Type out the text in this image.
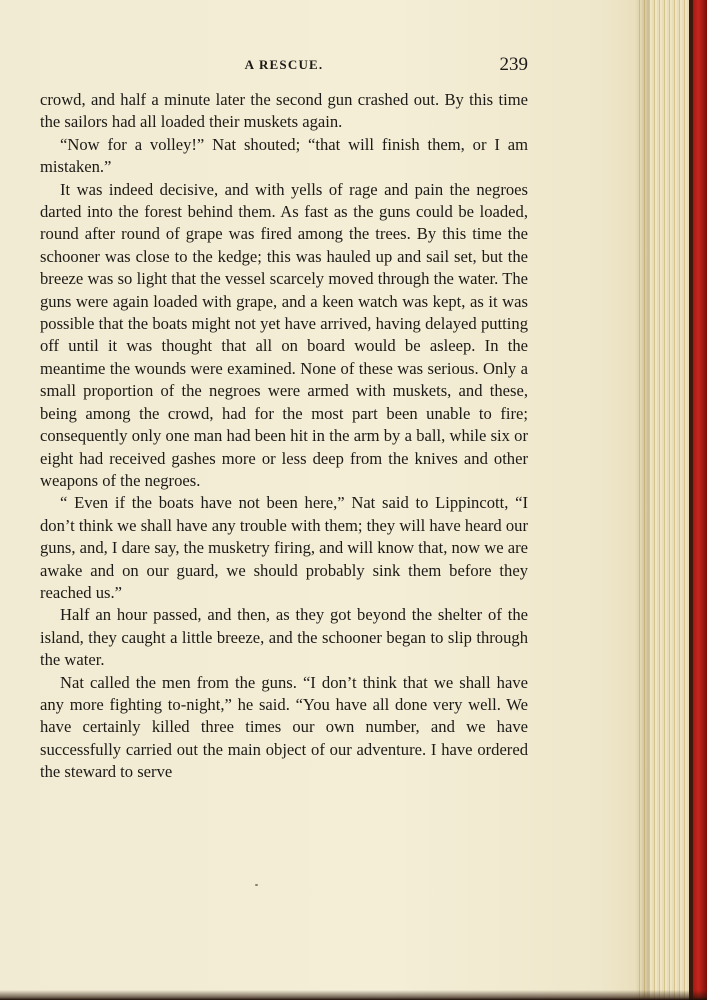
A RESCUE.	239

crowd, and half a minute later the second gun crashed out. By this time the sailors had all loaded their muskets again.

“Now for a volley!” Nat shouted; “that will finish them, or I am mistaken.”

It was indeed decisive, and with yells of rage and pain the negroes darted into the forest behind them. As fast as the guns could be loaded, round after round of grape was fired among the trees. By this time the schooner was close to the kedge; this was hauled up and sail set, but the breeze was so light that the vessel scarcely moved through the water. The guns were again loaded with grape, and a keen watch was kept, as it was possible that the boats might not yet have arrived, having delayed putting off until it was thought that all on board would be asleep. In the meantime the wounds were examined. None of these was serious. Only a small proportion of the negroes were armed with muskets, and these, being among the crowd, had for the most part been unable to fire; consequently only one man had been hit in the arm by a ball, while six or eight had received gashes more or less deep from the knives and other weapons of the negroes.

“ Even if the boats have not been here,” Nat said to Lippincott, “I don’t think we shall have any trouble with them; they will have heard our guns, and, I dare say, the musketry firing, and will know that, now we are awake and on our guard, we should probably sink them before they reached us.”

Half an hour passed, and then, as they got beyond the shelter of the island, they caught a little breeze, and the schooner began to slip through the water.

Nat called the men from the guns. “I don’t think that we shall have any more fighting to-night,” he said. “You have all done very well. We have certainly killed three times our own number, and we have successfully carried out the main object of our adventure. I have ordered the steward to serve
